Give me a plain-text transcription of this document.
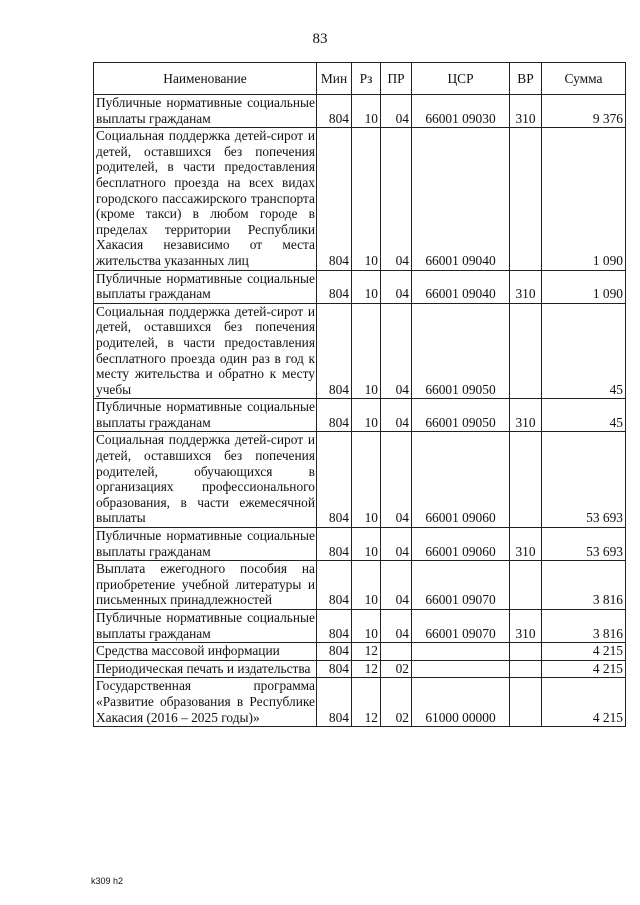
83
Наименование	Мин	Рз	ПР	ЦСР	ВР	Сумма
Публичные нормативные социальные выплаты гражданам	804	10	04	66001 09030	310	9 376
Социальная поддержка детей-сирот и детей, оставшихся без попечения родителей, в части предоставления бесплатного проезда на всех видах городского пассажирского транспорта (кроме такси) в любом городе в пределах территории Республики Хакасия независимо от места жительства указанных лиц	804	10	04	66001 09040		1 090
Публичные нормативные социальные выплаты гражданам	804	10	04	66001 09040	310	1 090
Социальная поддержка детей-сирот и детей, оставшихся без попечения родителей, в части предоставления бесплатного проезда один раз в год к месту жительства и обратно к месту учебы	804	10	04	66001 09050		45
Публичные нормативные социальные выплаты гражданам	804	10	04	66001 09050	310	45
Социальная поддержка детей-сирот и детей, оставшихся без попечения родителей, обучающихся в организациях профессионального образования, в части ежемесячной выплаты	804	10	04	66001 09060		53 693
Публичные нормативные социальные выплаты гражданам	804	10	04	66001 09060	310	53 693
Выплата ежегодного пособия на приобретение учебной литературы и письменных принадлежностей	804	10	04	66001 09070		3 816
Публичные нормативные социальные выплаты гражданам	804	10	04	66001 09070	310	3 816
Средства массовой информации	804	12				4 215
Периодическая печать и издательства	804	12	02			4 215
Государственная программа «Развитие образования в Республике Хакасия (2016 – 2025 годы)»	804	12	02	61000 00000		4 215
k309 h2
